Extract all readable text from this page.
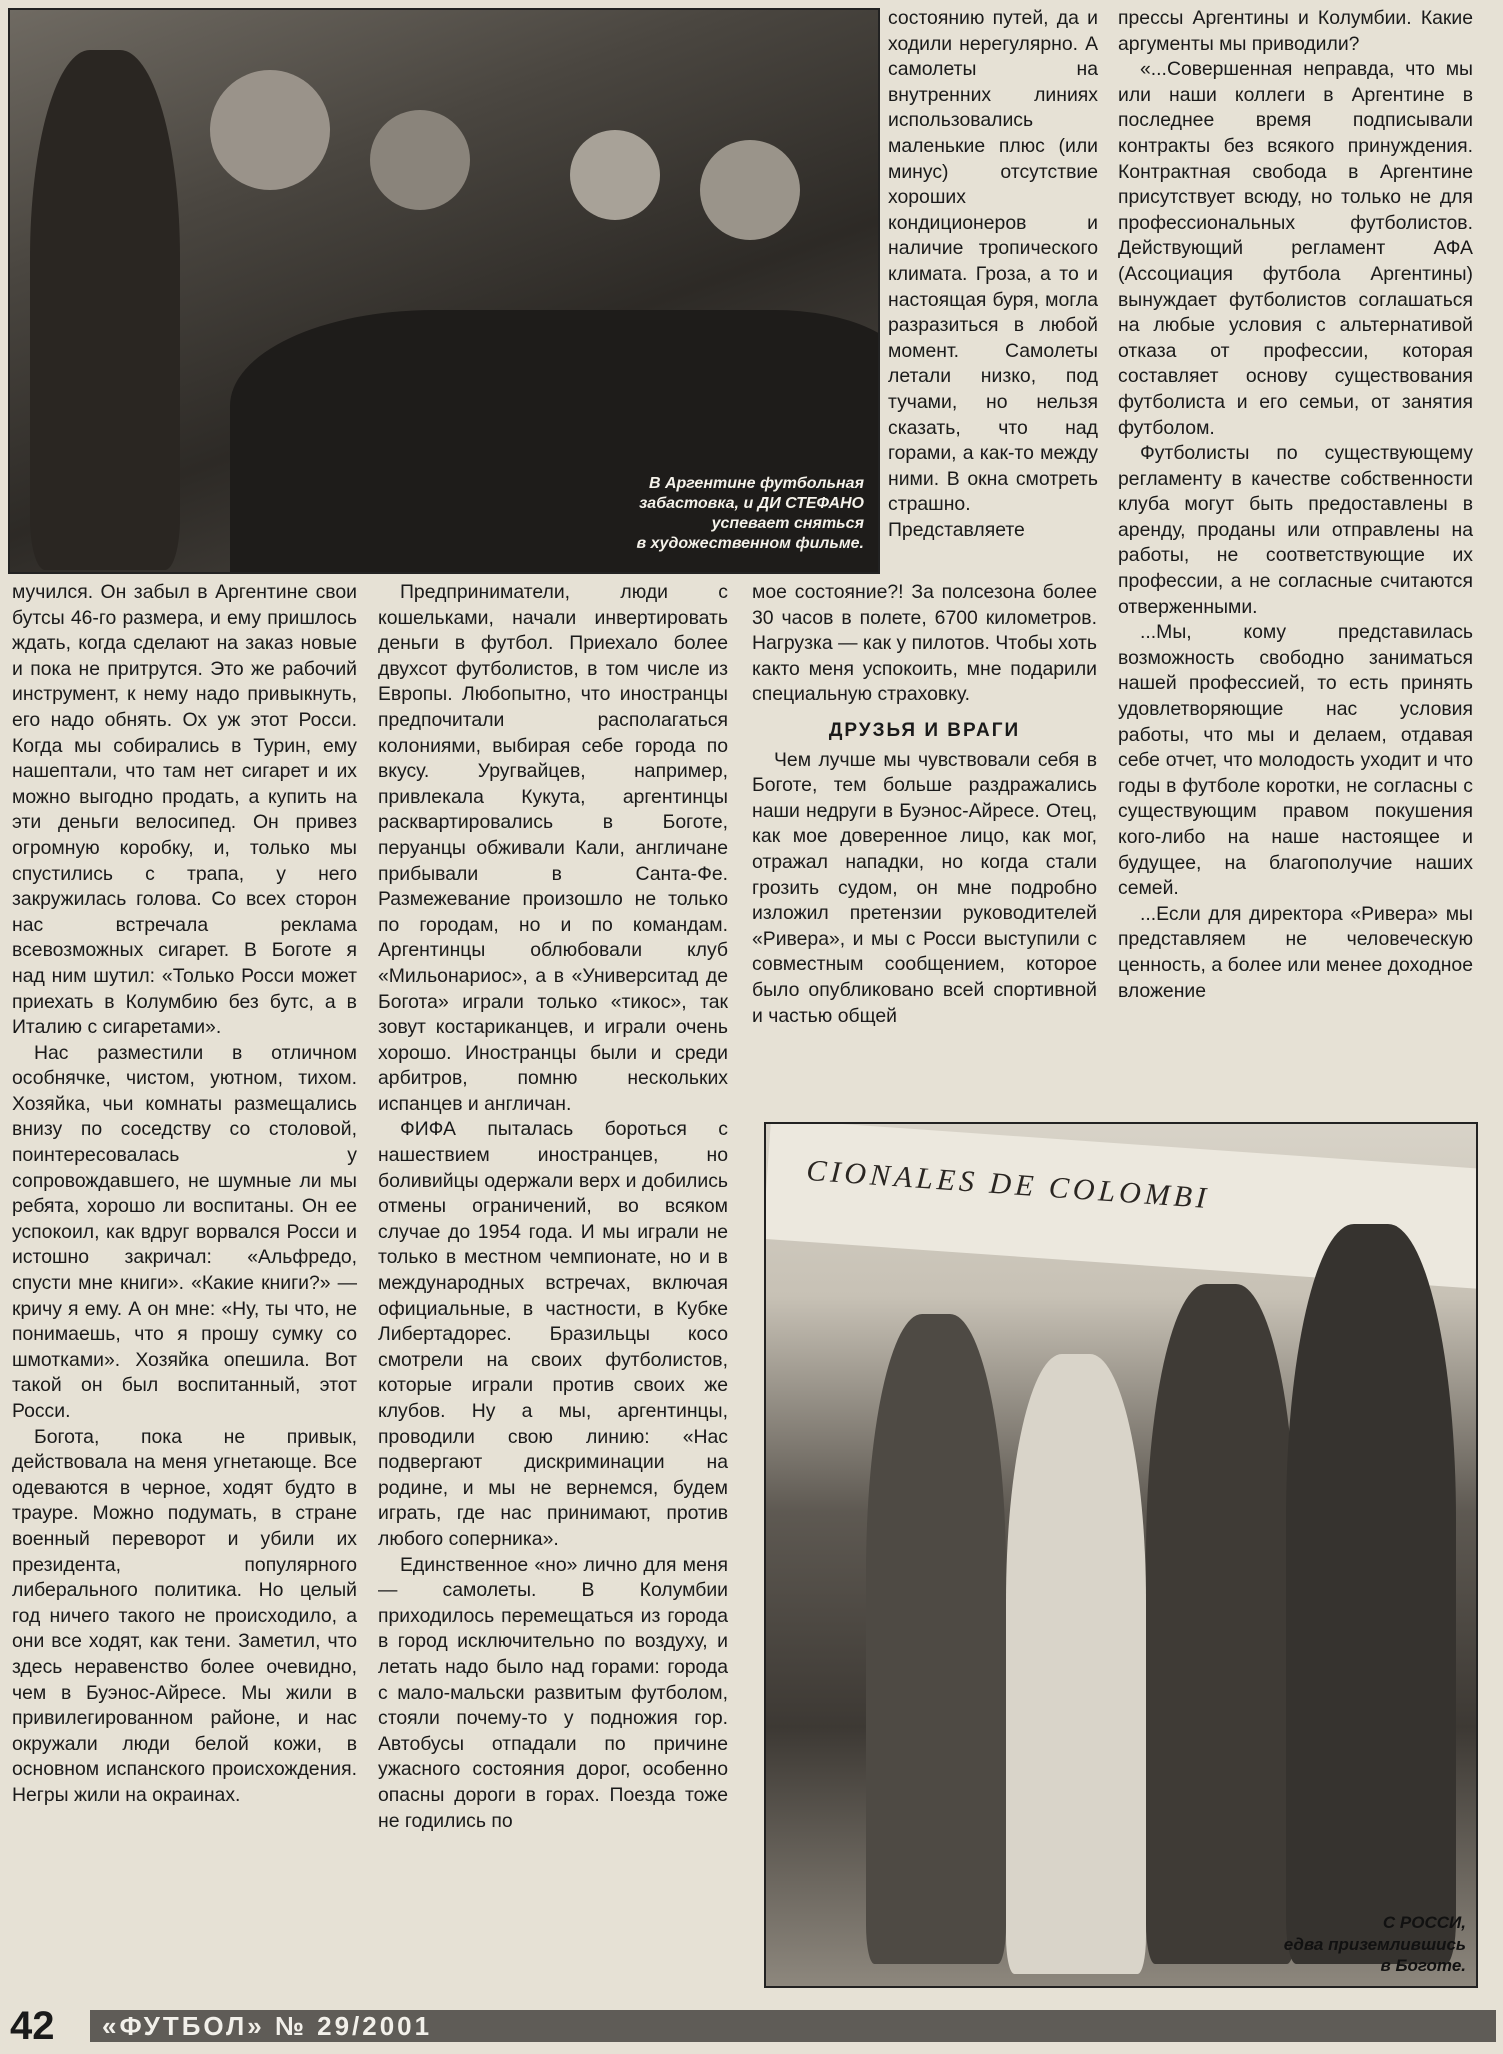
В Аргентине футбольная
забастовка, и ДИ СТЕФАНО
успевает сняться
в художественном фильме.

состоянию путей, да и ходили нерегулярно. А самолеты на внутренних линиях использовались маленькие плюс (или минус) отсутствие хороших кондиционеров и наличие тропического климата. Гроза, а то и настоящая буря, могла разразиться в любой момент. Самолеты летали низко, под тучами, но нельзя сказать, что над горами, а как-то между ними. В окна смотреть страшно. Представляете

прессы Аргентины и Колумбии. Какие аргументы мы приводили?

«...Совершенная неправда, что мы или наши коллеги в Аргентине в последнее время подписывали контракты без всякого принуждения. Контрактная свобода в Аргентине присутствует всюду, но только не для профессиональных футболистов. Действующий регламент АФА (Ассоциация футбола Аргентины) вынуждает футболистов соглашаться на любые условия с альтернативой отказа от профессии, которая составляет основу существования футболиста и его семьи, от занятия футболом.

Футболисты по существующему регламенту в качестве собственности клуба могут быть предоставлены в аренду, проданы или отправлены на работы, не соответствующие их профессии, а не согласные считаются отверженными.

...Мы, кому представилась возможность свободно заниматься нашей профессией, то есть принять удовлетворяющие нас условия работы, что мы и делаем, отдавая себе отчет, что молодость уходит и что годы в футболе коротки, не согласны с существующим правом покушения кого-либо на наше настоящее и будущее, на благополучие наших семей.

...Если для директора «Ривера» мы представляем не человеческую ценность, а более или менее доходное вложение

мучился. Он забыл в Аргентине свои бутсы 46-го размера, и ему пришлось ждать, когда сделают на заказ новые и пока не притрутся. Это же рабочий инструмент, к нему надо привыкнуть, его надо обнять. Ох уж этот Росси. Когда мы собирались в Турин, ему нашептали, что там нет сигарет и их можно выгодно продать, а купить на эти деньги велосипед. Он привез огромную коробку, и, только мы спустились с трапа, у него закружилась голова. Со всех сторон нас встречала реклама всевозможных сигарет. В Боготе я над ним шутил: «Только Росси может приехать в Колумбию без бутс, а в Италию с сигаретами».

Нас разместили в отличном особнячке, чистом, уютном, тихом. Хозяйка, чьи комнаты размещались внизу по соседству со столовой, поинтересовалась у сопровождавшего, не шумные ли мы ребята, хорошо ли воспитаны. Он ее успокоил, как вдруг ворвался Росси и истошно закричал: «Альфредо, спусти мне книги». «Какие книги?» — кричу я ему. А он мне: «Ну, ты что, не понимаешь, что я прошу сумку со шмотками». Хозяйка опешила. Вот такой он был воспитанный, этот Росси.

Богота, пока не привык, действовала на меня угнетающе. Все одеваются в черное, ходят будто в трауре. Можно подумать, в стране военный переворот и убили их президента, популярного либерального политика. Но целый год ничего такого не происходило, а они все ходят, как тени. Заметил, что здесь неравенство более очевидно, чем в Буэнос-Айресе. Мы жили в привилегированном районе, и нас окружали люди белой кожи, в основном испанского происхождения. Негры жили на окраинах.

Предприниматели, люди с кошельками, начали инвертировать деньги в футбол. Приехало более двухсот футболистов, в том числе из Европы. Любопытно, что иностранцы предпочитали располагаться колониями, выбирая себе города по вкусу. Уругвайцев, например, привлекала Кукута, аргентинцы расквартировались в Боготе, перуанцы обживали Кали, англичане прибывали в Санта-Фе. Размежевание произошло не только по городам, но и по командам. Аргентинцы облюбовали клуб «Мильонариос», а в «Университад де Богота» играли только «тикос», так зовут костариканцев, и играли очень хорошо. Иностранцы были и среди арбитров, помню нескольких испанцев и англичан.

ФИФА пыталась бороться с нашествием иностранцев, но боливийцы одержали верх и добились отмены ограничений, во всяком случае до 1954 года. И мы играли не только в местном чемпионате, но и в международных встречах, включая официальные, в частности, в Кубке Либертадорес. Бразильцы косо смотрели на своих футболистов, которые играли против своих же клубов. Ну а мы, аргентинцы, проводили свою линию: «Нас подвергают дискриминации на родине, и мы не вернемся, будем играть, где нас принимают, против любого соперника».

Единственное «но» лично для меня — самолеты. В Колумбии приходилось перемещаться из города в город исключительно по воздуху, и летать надо было над горами: города с мало-мальски развитым футболом, стояли почему-то у подножия гор. Автобусы отпадали по причине ужасного состояния дорог, особенно опасны дороги в горах. Поезда тоже не годились по

мое состояние?! За полсезона более 30 часов в полете, 6700 километров. Нагрузка — как у пилотов. Чтобы хоть както меня успокоить, мне подарили специальную страховку.

ДРУЗЬЯ И ВРАГИ

Чем лучше мы чувствовали себя в Боготе, тем больше раздражались наши недруги в Буэнос-Айресе. Отец, как мое доверенное лицо, как мог, отражал нападки, но когда стали грозить судом, он мне подробно изложил претензии руководителей «Ривера», и мы с Росси выступили с совместным сообщением, которое было опубликовано всей спортивной и частью общей

CIONALES DE COLOMBI
С РОССИ,
едва приземлившись
в Боготе.
42	«ФУТБОЛ» № 29/2001
